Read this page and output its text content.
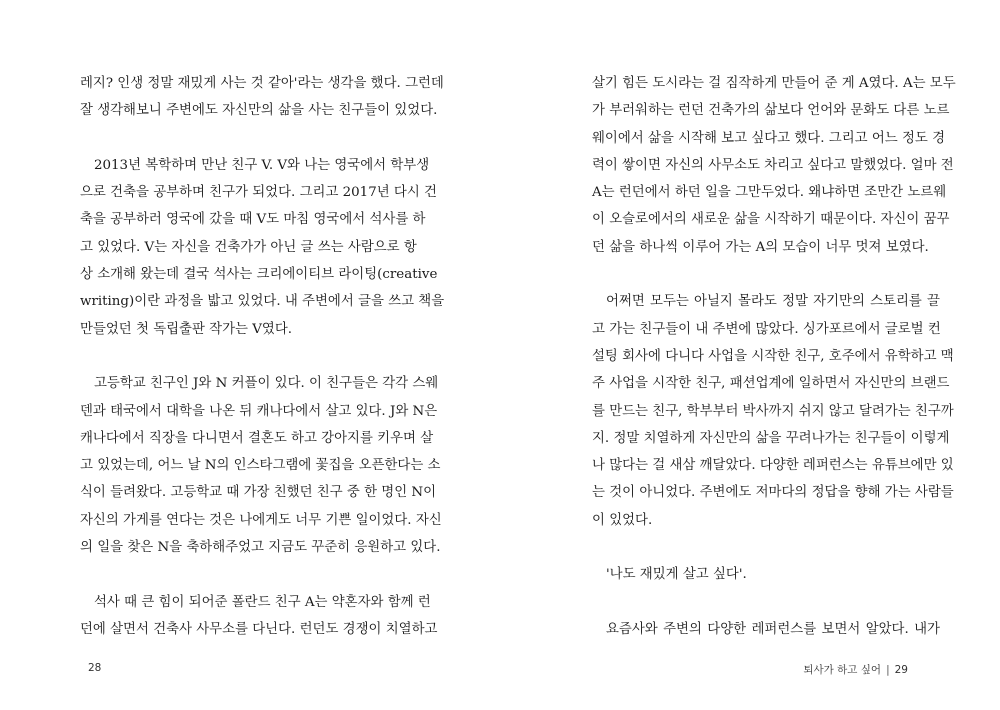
레지? 인생 정말 재밌게 사는 것 같아'라는 생각을 했다. 그런데
잘 생각해보니 주변에도 자신만의 삶을 사는 친구들이 있었다.
2013년 복학하며 만난 친구 V. V와 나는 영국에서 학부생
으로 건축을 공부하며 친구가 되었다. 그리고 2017년 다시 건
축을 공부하러 영국에 갔을 때 V도 마침 영국에서 석사를 하
고 있었다. V는 자신을 건축가가 아닌 글 쓰는 사람으로 항
상 소개해 왔는데 결국 석사는 크리에이티브 라이팅(creative
writing)이란 과정을 밟고 있었다. 내 주변에서 글을 쓰고 책을
만들었던 첫 독립출판 작가는 V였다.
고등학교 친구인 J와 N 커플이 있다. 이 친구들은 각각 스웨
덴과 태국에서 대학을 나온 뒤 캐나다에서 살고 있다. J와 N은
캐나다에서 직장을 다니면서 결혼도 하고 강아지를 키우며 살
고 있었는데, 어느 날 N의 인스타그램에 꽃집을 오픈한다는 소
식이 들려왔다. 고등학교 때 가장 친했던 친구 중 한 명인 N이
자신의 가게를 연다는 것은 나에게도 너무 기쁜 일이었다. 자신
의 일을 찾은 N을 축하해주었고 지금도 꾸준히 응원하고 있다.
석사 때 큰 힘이 되어준 폴란드 친구 A는 약혼자와 함께 런
던에 살면서 건축사 사무소를 다닌다. 런던도 경쟁이 치열하고
28
살기 힘든 도시라는 걸 짐작하게 만들어 준 게 A였다. A는 모두
가 부러워하는 런던 건축가의 삶보다 언어와 문화도 다른 노르
웨이에서 삶을 시작해 보고 싶다고 했다. 그리고 어느 정도 경
력이 쌓이면 자신의 사무소도 차리고 싶다고 말했었다. 얼마 전
A는 런던에서 하던 일을 그만두었다. 왜냐하면 조만간 노르웨
이 오슬로에서의 새로운 삶을 시작하기 때문이다. 자신이 꿈꾸
던 삶을 하나씩 이루어 가는 A의 모습이 너무 멋져 보였다.
어쩌면 모두는 아닐지 몰라도 정말 자기만의 스토리를 끌
고 가는 친구들이 내 주변에 많았다. 싱가포르에서 글로벌 컨
설팅 회사에 다니다 사업을 시작한 친구, 호주에서 유학하고 맥
주 사업을 시작한 친구, 패션업계에 일하면서 자신만의 브랜드
를 만드는 친구, 학부부터 박사까지 쉬지 않고 달려가는 친구까
지. 정말 치열하게 자신만의 삶을 꾸려나가는 친구들이 이렇게
나 많다는 걸 새삼 깨달았다. 다양한 레퍼런스는 유튜브에만 있
는 것이 아니었다. 주변에도 저마다의 정답을 향해 가는 사람들
이 있었다.
'나도 재밌게 살고 싶다'.
요즘사와 주변의 다양한 레퍼런스를 보면서 알았다. 내가
퇴사가 하고 싶어 | 29
